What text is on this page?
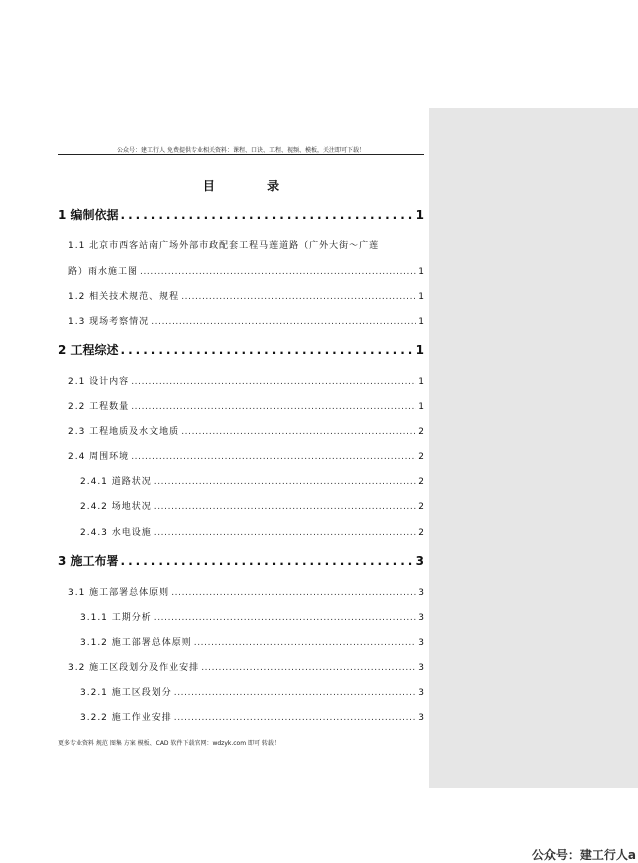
公众号：建工行人 免费提供专业相关资料：课程、口诀、工程、视频、模板，关注即可下载！
目 录
1 编制依据 .....	1
1.1 北京市西客站南广场外部市政配套工程马莲道路（广外大街～广莲
路）雨水施工图 .....	1
1.2 相关技术规范、规程 .....	1
1.3 现场考察情况 .....	1
2 工程综述 .....	1
2.1 设计内容 .....	1
2.2 工程数量 .....	1
2.3 工程地质及水文地质 .....	2
2.4 周围环境 .....	2
2.4.1 道路状况 .....	2
2.4.2 场地状况 .....	2
2.4.3 水电设施 .....	2
3 施工布署 .....	3
3.1 施工部署总体原则 .....	3
3.1.1 工期分析 .....	3
3.1.2 施工部署总体原则 .....	3
3.2 施工区段划分及作业安排 .....	3
3.2.1 施工区段划分 .....	3
3.2.2 施工作业安排 .....	3
更多专业资料 规范 图集 方案 模板、CAD 软件下载官网：wdzyk.com 即可 转载！
公众号：建工行人a
